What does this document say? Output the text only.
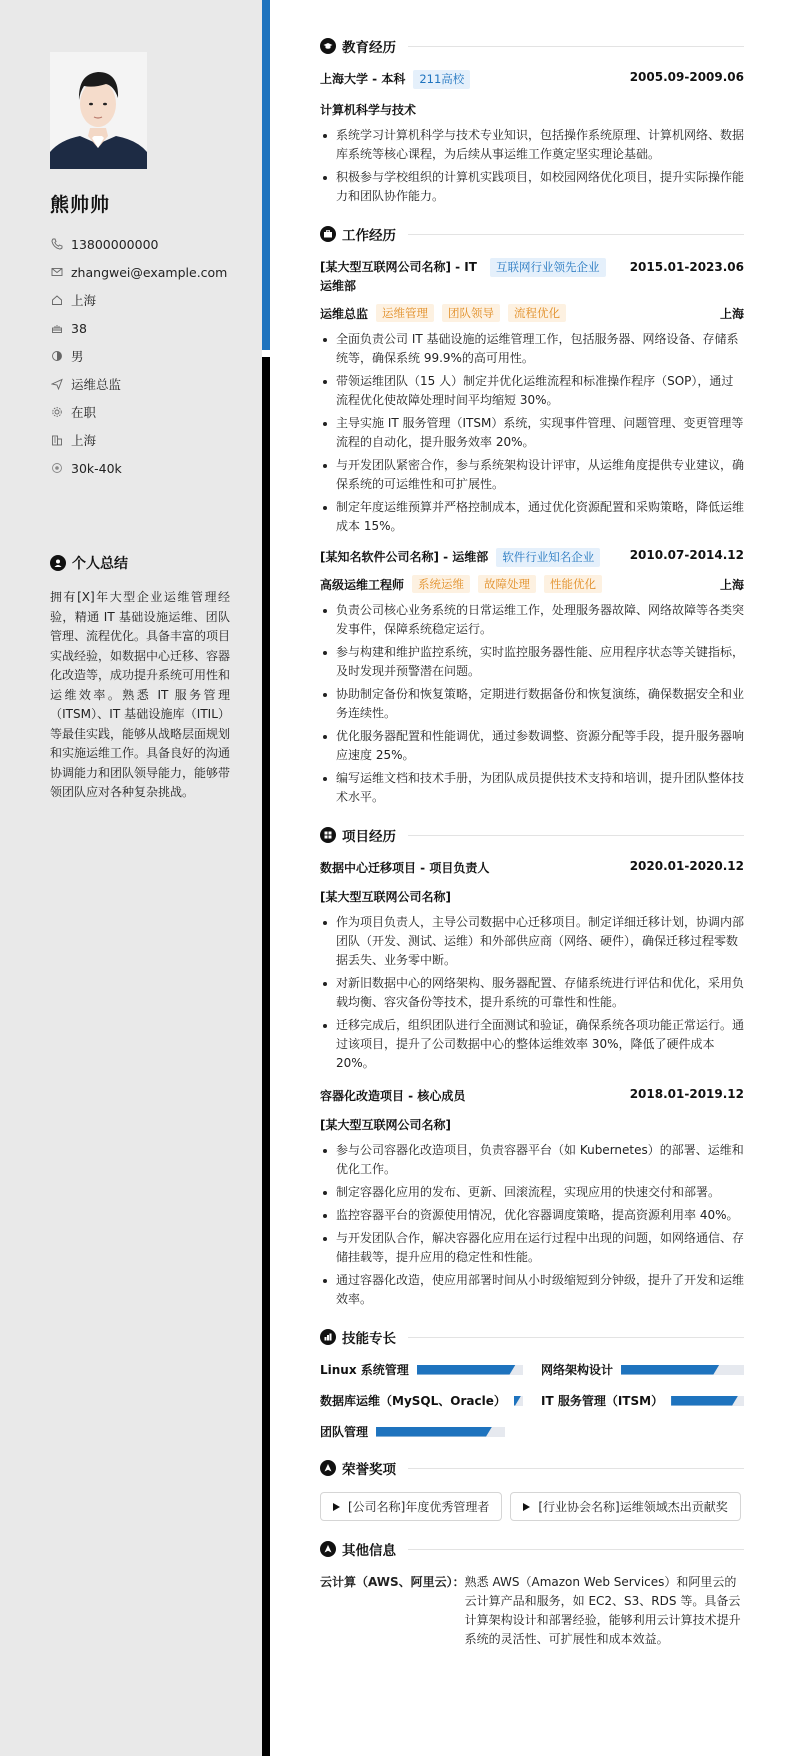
熊帅帅
13800000000
zhangwei@example.com
上海
38
男
运维总监
在职
上海
30k-40k
个人总结
拥有[X]年大型企业运维管理经验，精通 IT 基础设施运维、团队管理、流程优化。具备丰富的项目实战经验，如数据中心迁移、容器化改造等，成功提升系统可用性和运维效率。熟悉 IT 服务管理（ITSM）、IT 基础设施库（ITIL）等最佳实践，能够从战略层面规划和实施运维工作。具备良好的沟通协调能力和团队领导能力，能够带领团队应对各种复杂挑战。
教育经历
上海大学 - 本科	211高校	2005.09-2009.06
计算机科学与技术
系统学习计算机科学与技术专业知识，包括操作系统原理、计算机网络、数据库系统等核心课程，为后续从事运维工作奠定坚实理论基础。
积极参与学校组织的计算机实践项目，如校园网络优化项目，提升实际操作能力和团队协作能力。
工作经历
[某大型互联网公司名称] - IT 运维部
互联网行业领先企业	2015.01-2023.06
运维总监	运维管理	团队领导	流程优化	上海
全面负责公司 IT 基础设施的运维管理工作，包括服务器、网络设备、存储系统等，确保系统 99.9%的高可用性。
带领运维团队（15 人）制定并优化运维流程和标准操作程序（SOP），通过流程优化使故障处理时间平均缩短 30%。
主导实施 IT 服务管理（ITSM）系统，实现事件管理、问题管理、变更管理等流程的自动化，提升服务效率 20%。
与开发团队紧密合作，参与系统架构设计评审，从运维角度提供专业建议，确保系统的可运维性和可扩展性。
制定年度运维预算并严格控制成本，通过优化资源配置和采购策略，降低运维成本 15%。
[某知名软件公司名称] - 运维部	软件行业知名企业	2010.07-2014.12
高级运维工程师	系统运维	故障处理	性能优化	上海
负责公司核心业务系统的日常运维工作，处理服务器故障、网络故障等各类突发事件，保障系统稳定运行。
参与构建和维护监控系统，实时监控服务器性能、应用程序状态等关键指标，及时发现并预警潜在问题。
协助制定备份和恢复策略，定期进行数据备份和恢复演练，确保数据安全和业务连续性。
优化服务器配置和性能调优，通过参数调整、资源分配等手段，提升服务器响应速度 25%。
编写运维文档和技术手册，为团队成员提供技术支持和培训，提升团队整体技术水平。
项目经历
数据中心迁移项目 - 项目负责人	2020.01-2020.12
[某大型互联网公司名称]
作为项目负责人，主导公司数据中心迁移项目。制定详细迁移计划，协调内部团队（开发、测试、运维）和外部供应商（网络、硬件），确保迁移过程零数据丢失、业务零中断。
对新旧数据中心的网络架构、服务器配置、存储系统进行评估和优化，采用负载均衡、容灾备份等技术，提升系统的可靠性和性能。
迁移完成后，组织团队进行全面测试和验证，确保系统各项功能正常运行。通过该项目，提升了公司数据中心的整体运维效率 30%，降低了硬件成本 20%。
容器化改造项目 - 核心成员	2018.01-2019.12
[某大型互联网公司名称]
参与公司容器化改造项目，负责容器平台（如 Kubernetes）的部署、运维和优化工作。
制定容器化应用的发布、更新、回滚流程，实现应用的快速交付和部署。
监控容器平台的资源使用情况，优化容器调度策略，提高资源利用率 40%。
与开发团队合作，解决容器化应用在运行过程中出现的问题，如网络通信、存储挂载等，提升应用的稳定性和性能。
通过容器化改造，使应用部署时间从小时级缩短到分钟级，提升了开发和运维效率。
技能专长
Linux 系统管理	网络架构设计
数据库运维（MySQL、Oracle）	IT 服务管理（ITSM）
团队管理
荣誉奖项
[公司名称]年度优秀管理者	[行业协会名称]运维领域杰出贡献奖
其他信息
云计算（AWS、阿里云）： 熟悉 AWS（Amazon Web Services）和阿里云的云计算产品和服务，如 EC2、S3、RDS 等。具备云计算架构设计和部署经验，能够利用云计算技术提升系统的灵活性、可扩展性和成本效益。
